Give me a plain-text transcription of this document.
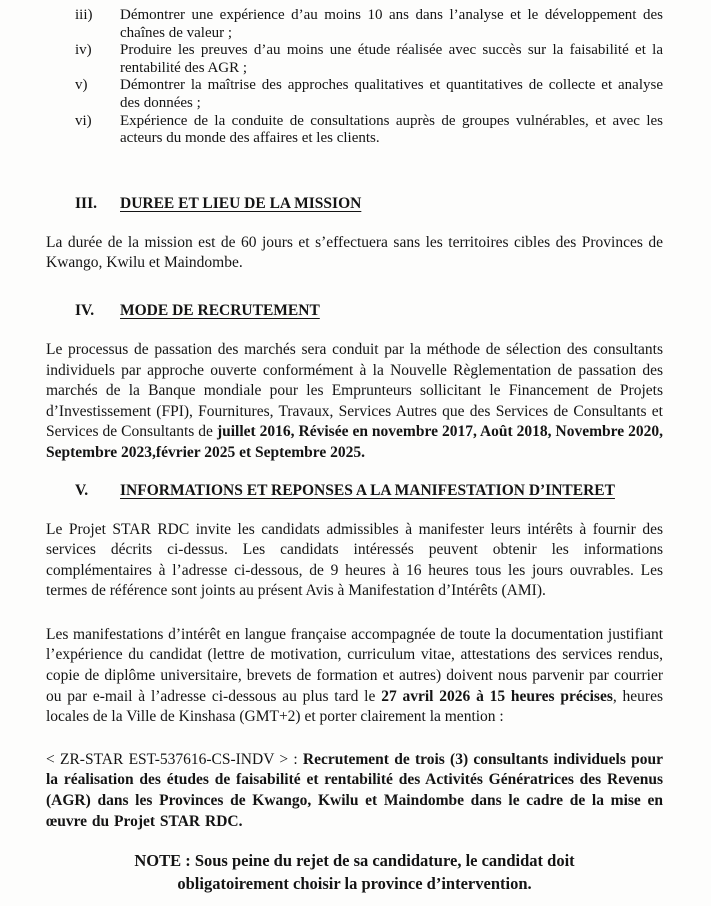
iii)	Démontrer une expérience d’au moins 10 ans dans l’analyse et le développement des chaînes de valeur ;
iv)	Produire les preuves d’au moins une étude réalisée avec succès sur la faisabilité et la rentabilité des AGR ;
v)	Démontrer la maîtrise des approches qualitatives et quantitatives de collecte et analyse des données ;
vi)	Expérience de la conduite de consultations auprès de groupes vulnérables, et avec les acteurs du monde des affaires et les clients.
III.	DUREE ET LIEU DE LA MISSION

La durée de la mission est de 60 jours et s’effectuera sans les territoires cibles des Provinces de Kwango, Kwilu et Maindombe.

IV.	MODE DE RECRUTEMENT

Le processus de passation des marchés sera conduit par la méthode de sélection des consultants individuels par approche ouverte conformément à la Nouvelle Règlementation de passation des marchés de la Banque mondiale pour les Emprunteurs sollicitant le Financement de Projets d’Investissement (FPI), Fournitures, Travaux, Services Autres que des Services de Consultants et Services de Consultants de juillet 2016, Révisée en novembre 2017, Août 2018, Novembre 2020, Septembre 2023,février 2025 et Septembre 2025.

V.	INFORMATIONS ET REPONSES A LA MANIFESTATION D’INTERET

Le Projet STAR RDC invite les candidats admissibles à manifester leurs intérêts à fournir des services décrits ci-dessus. Les candidats intéressés peuvent obtenir les informations complémentaires à l’adresse ci-dessous, de 9 heures à 16 heures tous les jours ouvrables. Les termes de référence sont joints au présent Avis à Manifestation d’Intérêts (AMI).

Les manifestations d’intérêt en langue française accompagnée de toute la documentation justifiant l’expérience du candidat (lettre de motivation, curriculum vitae, attestations des services rendus, copie de diplôme universitaire, brevets de formation et autres) doivent nous parvenir par courrier ou par e-mail à l’adresse ci-dessous au plus tard le 27 avril 2026 à 15 heures précises, heures locales de la Ville de Kinshasa (GMT+2) et porter clairement la mention :

< ZR-STAR EST-537616-CS-INDV > : Recrutement de trois (3) consultants individuels pour la réalisation des études de faisabilité et rentabilité des Activités Génératrices des Revenus (AGR) dans les Provinces de Kwango, Kwilu et Maindombe dans le cadre de la mise en œuvre du Projet STAR RDC.

NOTE : Sous peine du rejet de sa candidature, le candidat doit obligatoirement choisir la province d’intervention.
